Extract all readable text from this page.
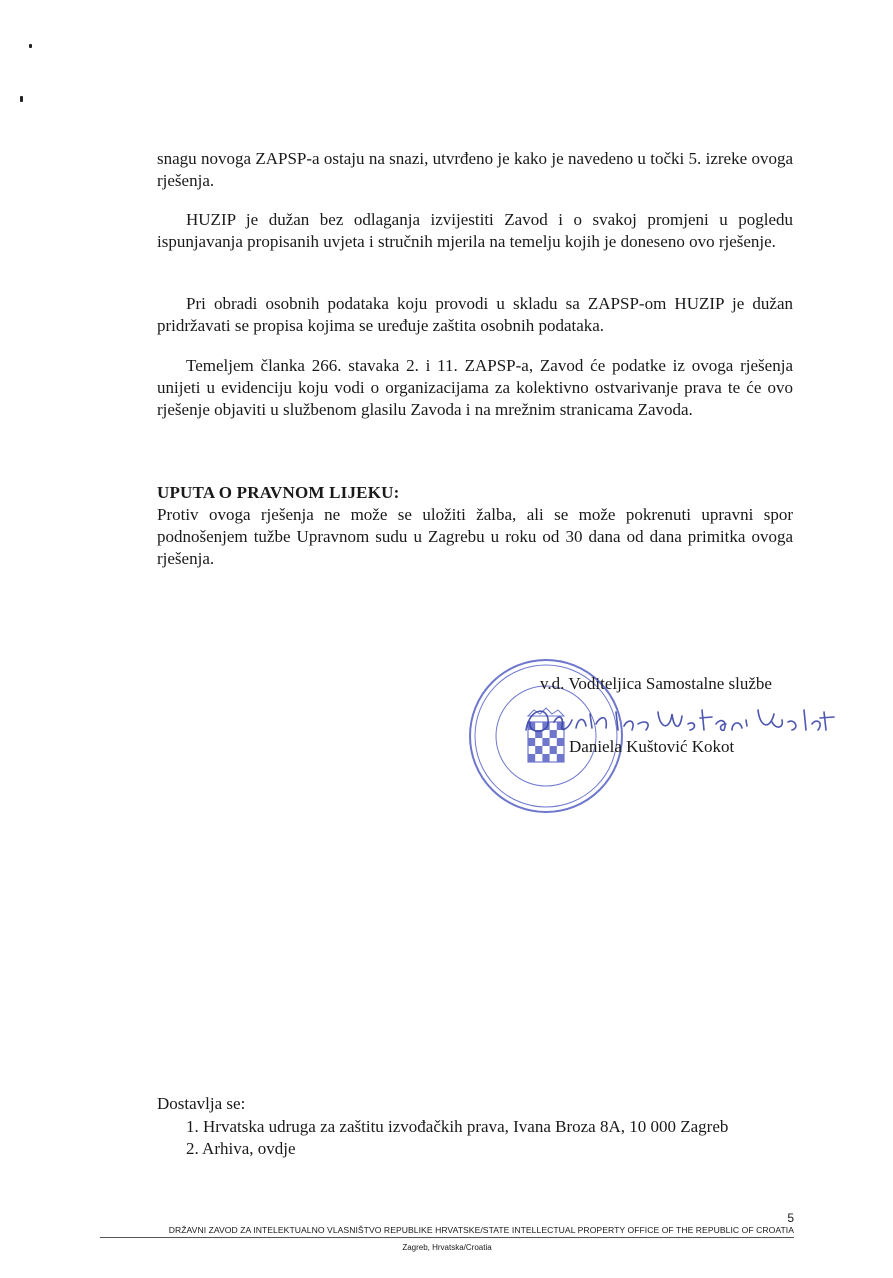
snagu novoga ZAPSP-a ostaju na snazi, utvrđeno je kako je navedeno u točki 5. izreke ovoga rješenja.
HUZIP je dužan bez odlaganja izvijestiti Zavod i o svakoj promjeni u pogledu ispunjavanja propisanih uvjeta i stručnih mjerila na temelju kojih je doneseno ovo rješenje.
Pri obradi osobnih podataka koju provodi u skladu sa ZAPSP-om HUZIP je dužan pridržavati se propisa kojima se uređuje zaštita osobnih podataka.
Temeljem članka 266. stavaka 2. i 11. ZAPSP-a, Zavod će podatke iz ovoga rješenja unijeti u evidenciju koju vodi o organizacijama za kolektivno ostvarivanje prava te će ovo rješenje objaviti u službenom glasilu Zavoda i na mrežnim stranicama Zavoda.
UPUTA O PRAVNOM LIJEKU:
Protiv ovoga rješenja ne može se uložiti žalba, ali se može pokrenuti upravni spor podnošenjem tužbe Upravnom sudu u Zagrebu u roku od 30 dana od dana primitka ovoga rješenja.
v.d. Voditeljica Samostalne službe
Daniela Kuštović Kokot
Dostavlja se:
1. Hrvatska udruga za zaštitu izvođačkih prava, Ivana Broza 8A, 10 000 Zagreb
2. Arhiva, ovdje
5
DRŽAVNI ZAVOD ZA INTELEKTUALNO VLASNIŠTVO REPUBLIKE HRVATSKE/STATE INTELLECTUAL PROPERTY OFFICE OF THE REPUBLIC OF CROATIA
Zagreb, Hrvatska/Croatia
